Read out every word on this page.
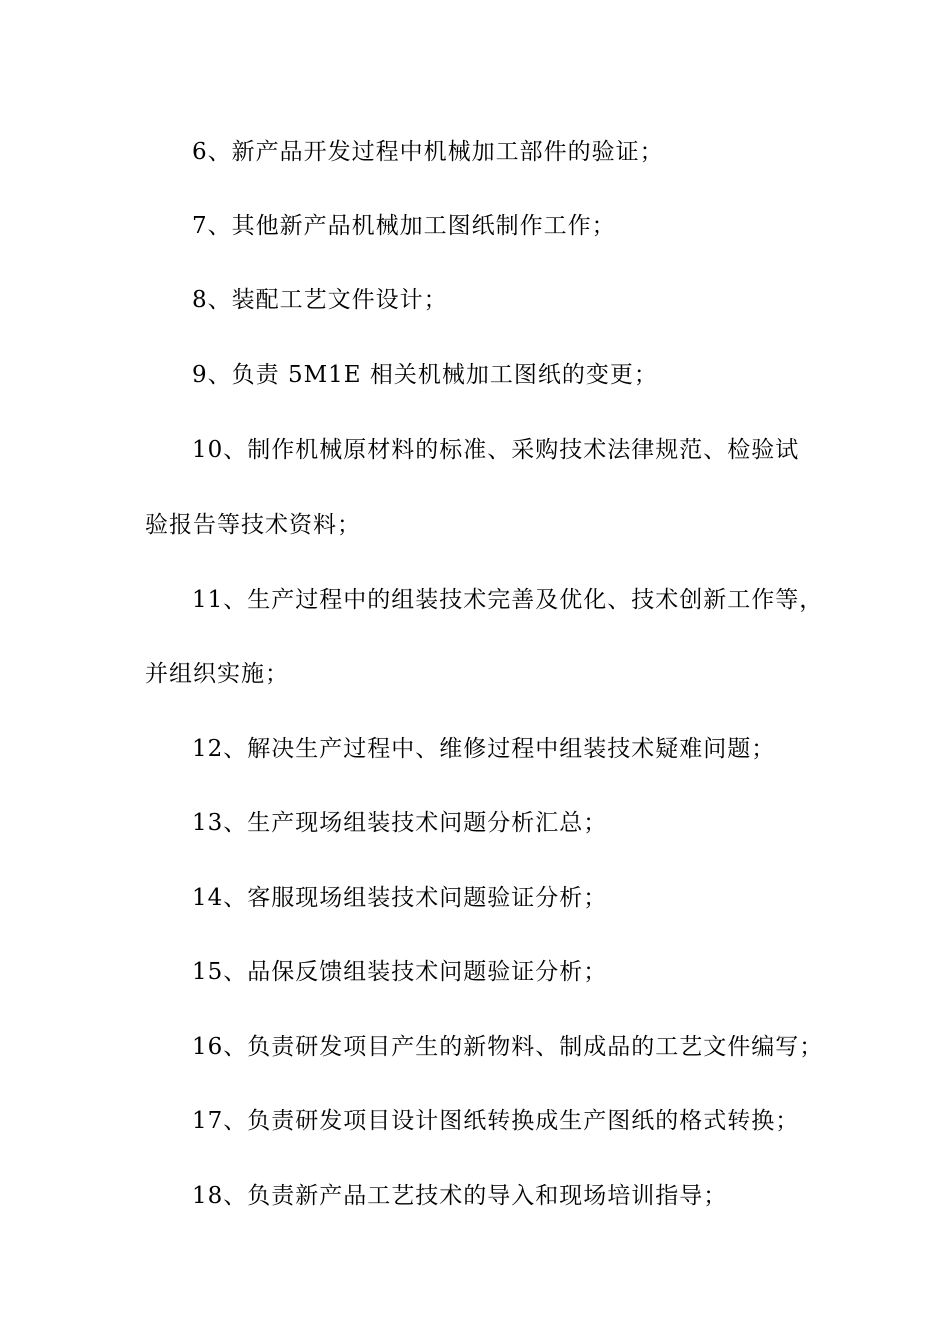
6、新产品开发过程中机械加工部件的验证；
7、其他新产品机械加工图纸制作工作；
8、装配工艺文件设计；
9、负责 5M1E 相关机械加工图纸的变更；
10、制作机械原材料的标准、采购技术法律规范、检验试
验报告等技术资料；
11、生产过程中的组装技术完善及优化、技术创新工作等，
并组织实施；
12、解决生产过程中、维修过程中组装技术疑难问题；
13、生产现场组装技术问题分析汇总；
14、客服现场组装技术问题验证分析；
15、品保反馈组装技术问题验证分析；
16、负责研发项目产生的新物料、制成品的工艺文件编写；
17、负责研发项目设计图纸转换成生产图纸的格式转换；
18、负责新产品工艺技术的导入和现场培训指导；
